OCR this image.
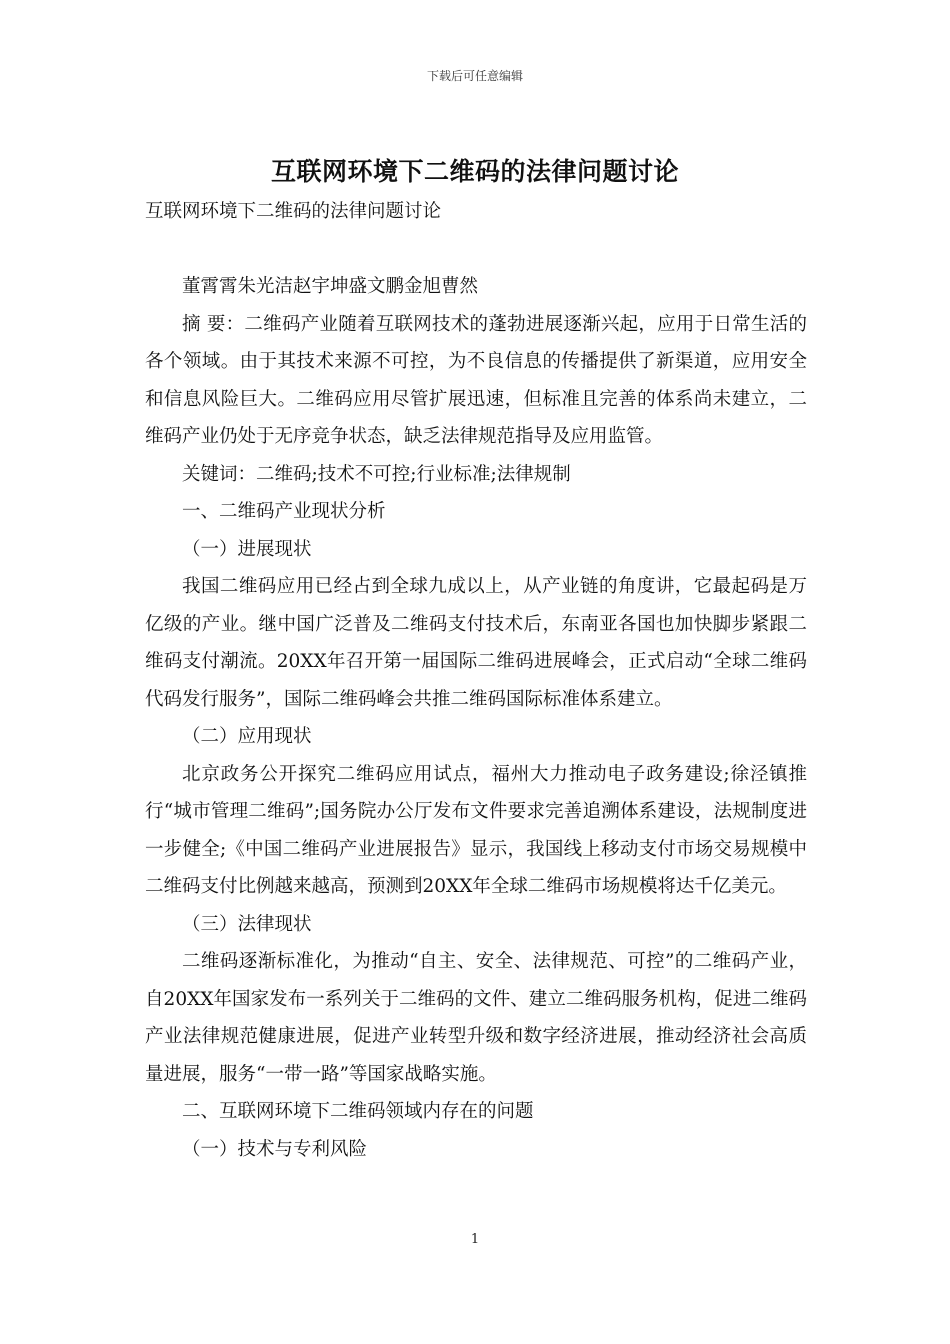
下载后可任意编辑
互联网环境下二维码的法律问题讨论

互联网环境下二维码的法律问题讨论

董霄霄朱光洁赵宇坤盛文鹏金旭曹然

摘 要：二维码产业随着互联网技术的蓬勃进展逐渐兴起，应用于日常生活的各个领域。由于其技术来源不可控，为不良信息的传播提供了新渠道，应用安全和信息风险巨大。二维码应用尽管扩展迅速，但标准且完善的体系尚未建立，二维码产业仍处于无序竞争状态，缺乏法律规范指导及应用监管。

关键词：二维码;技术不可控;行业标准;法律规制

一、二维码产业现状分析

（一）进展现状

我国二维码应用已经占到全球九成以上，从产业链的角度讲，它最起码是万亿级的产业。继中国广泛普及二维码支付技术后，东南亚各国也加快脚步紧跟二维码支付潮流。20XX年召开第一届国际二维码进展峰会，正式启动“全球二维码代码发行服务”，国际二维码峰会共推二维码国际标准体系建立。

（二）应用现状

北京政务公开探究二维码应用试点，福州大力推动电子政务建设;徐泾镇推行“城市管理二维码”;国务院办公厅发布文件要求完善追溯体系建设，法规制度进一步健全;《中国二维码产业进展报告》显示，我国线上移动支付市场交易规模中二维码支付比例越来越高，预测到20XX年全球二维码市场规模将达千亿美元。

（三）法律现状

二维码逐渐标准化，为推动“自主、安全、法律规范、可控”的二维码产业，自20XX年国家发布一系列关于二维码的文件、建立二维码服务机构，促进二维码产业法律规范健康进展，促进产业转型升级和数字经济进展，推动经济社会高质量进展，服务“一带一路”等国家战略实施。

二、互联网环境下二维码领域内存在的问题

（一）技术与专利风险

1
